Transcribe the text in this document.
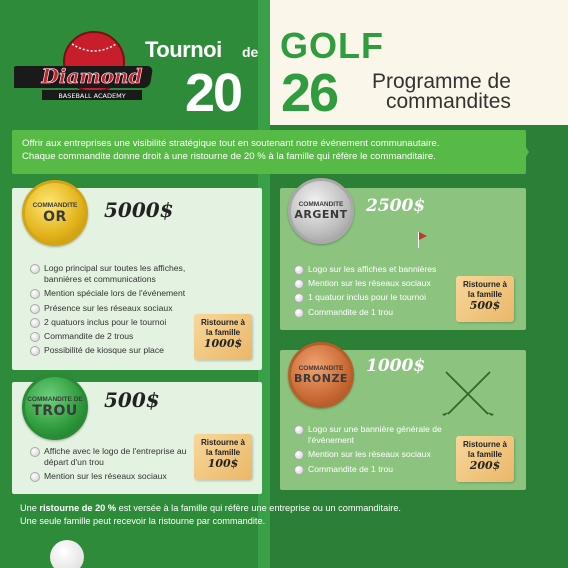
Diamond
BASEBALL ACADEMY
Tournoi de GOLF
20 26 Programme de
commandites
Offrir aux entreprises une visibilité stratégique tout en soutenant notre événement communautaire.
Chaque commandite donne droit à une ristourne de 20 % à la famille qui réfère le commanditaire.
COMMANDITE
OR 5000$
Logo principal sur toutes les affiches, bannières et communications
Mention spéciale lors de l'événement
Présence sur les réseaux sociaux
2 quatuors inclus pour le tournoi
Commandite de 2 trous
Possibilité de kiosque sur place
Ristourne à la famille
1000$
COMMANDITE DE
TROU 500$
Affiche avec le logo de l'entreprise au départ d'un trou
Mention sur les réseaux sociaux
Ristourne à la famille
100$
COMMANDITE
ARGENT 2500$
Logo sur les affiches et bannières
Mention sur les réseaux sociaux
1 quatuor inclus pour le tournoi
Commandite de 1 trou
Ristourne à la famille
500$
COMMANDITE
BRONZE
1000$
Logo sur une bannière générale de l'événement
Mention sur les réseaux sociaux
Commandite de 1 trou
Ristourne à la famille
200$
Une ristourne de 20 % est versée à la famille qui réfère une entreprise ou un commanditaire.
Une seule famille peut recevoir la ristourne par commandite.
